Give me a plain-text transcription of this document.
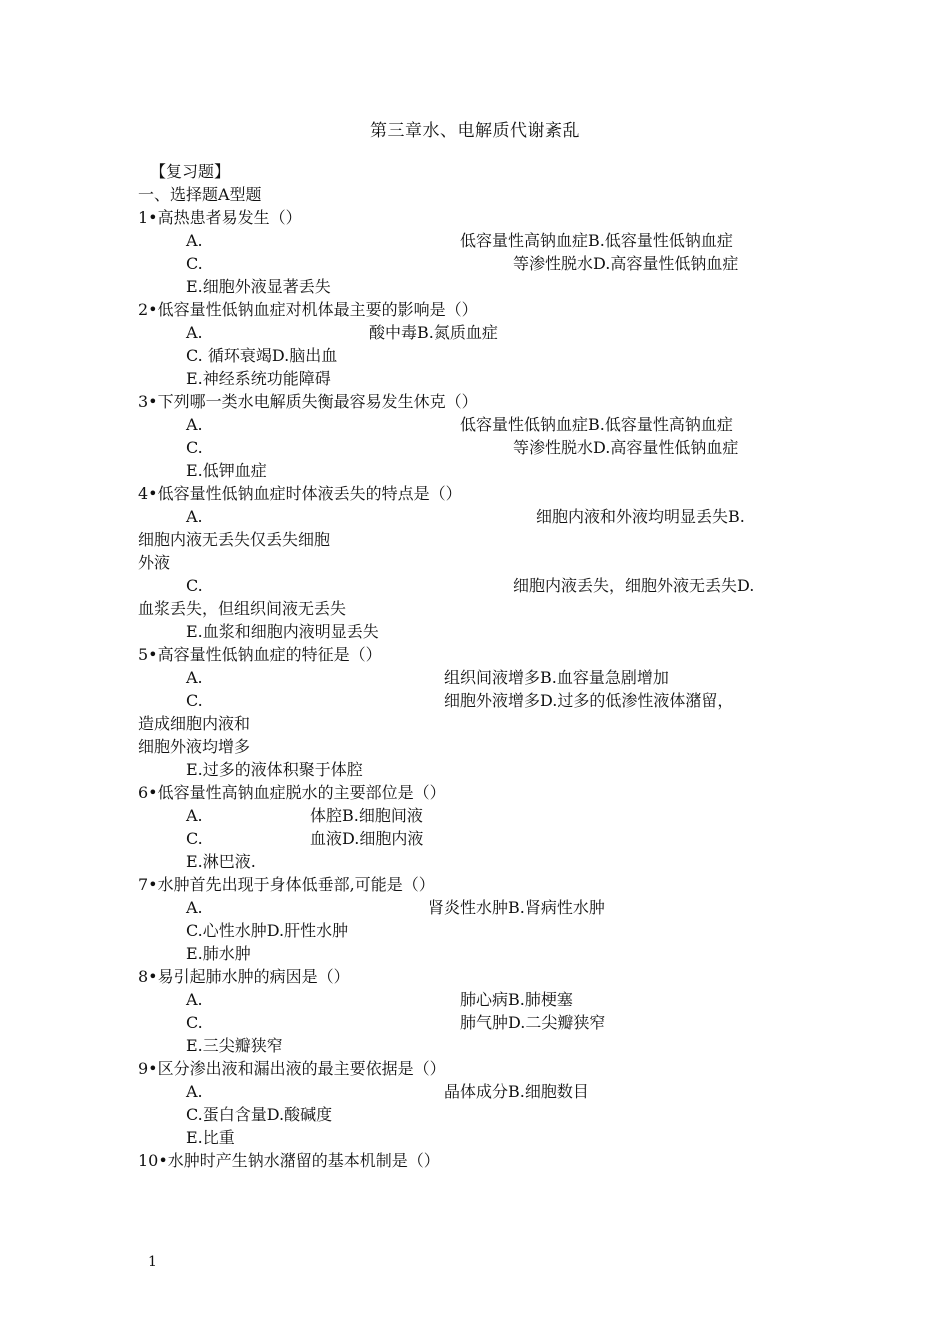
第三章水、电解质代谢紊乱
【复习题】
一、选择题A型题
1•高热患者易发生（）
A.	低容量性高钠血症B.低容量性低钠血症
C.	等渗性脱水D.高容量性低钠血症
E.细胞外液显著丢失
2•低容量性低钠血症对机体最主要的影响是（）
A.	酸中毒B.氮质血症
C. 循环衰竭D.脑出血
E.神经系统功能障碍
3•下列哪一类水电解质失衡最容易发生休克（）
A.	低容量性低钠血症B.低容量性高钠血症
C.	等渗性脱水D.高容量性低钠血症
E.低钾血症
4•低容量性低钠血症时体液丢失的特点是（）
A.	细胞内液和外液均明显丢失B.
细胞内液无丢失仅丢失细胞
外液
C.	细胞内液丢失，细胞外液无丢失D.
血浆丢失，但组织间液无丢失
E.血浆和细胞内液明显丢失
5•高容量性低钠血症的特征是（）
A.	组织间液增多B.血容量急剧增加
C.	细胞外液增多D.过多的低渗性液体潴留，
造成细胞内液和
细胞外液均增多
E.过多的液体积聚于体腔
6•低容量性高钠血症脱水的主要部位是（）
A.	体腔B.细胞间液
C.	血液D.细胞内液
E.淋巴液.
7•水肿首先出现于身体低垂部,可能是（）
A.	肾炎性水肿B.肾病性水肿
C.心性水肿D.肝性水肿
E.肺水肿
8•易引起肺水肿的病因是（）
A.	肺心病B.肺梗塞
C.	肺气肿D.二尖瓣狭窄
E.三尖瓣狭窄
9•区分渗出液和漏出液的最主要依据是（）
A.	晶体成分B.细胞数目
C.蛋白含量D.酸碱度
E.比重
10•水肿时产生钠水潴留的基本机制是（）
1
